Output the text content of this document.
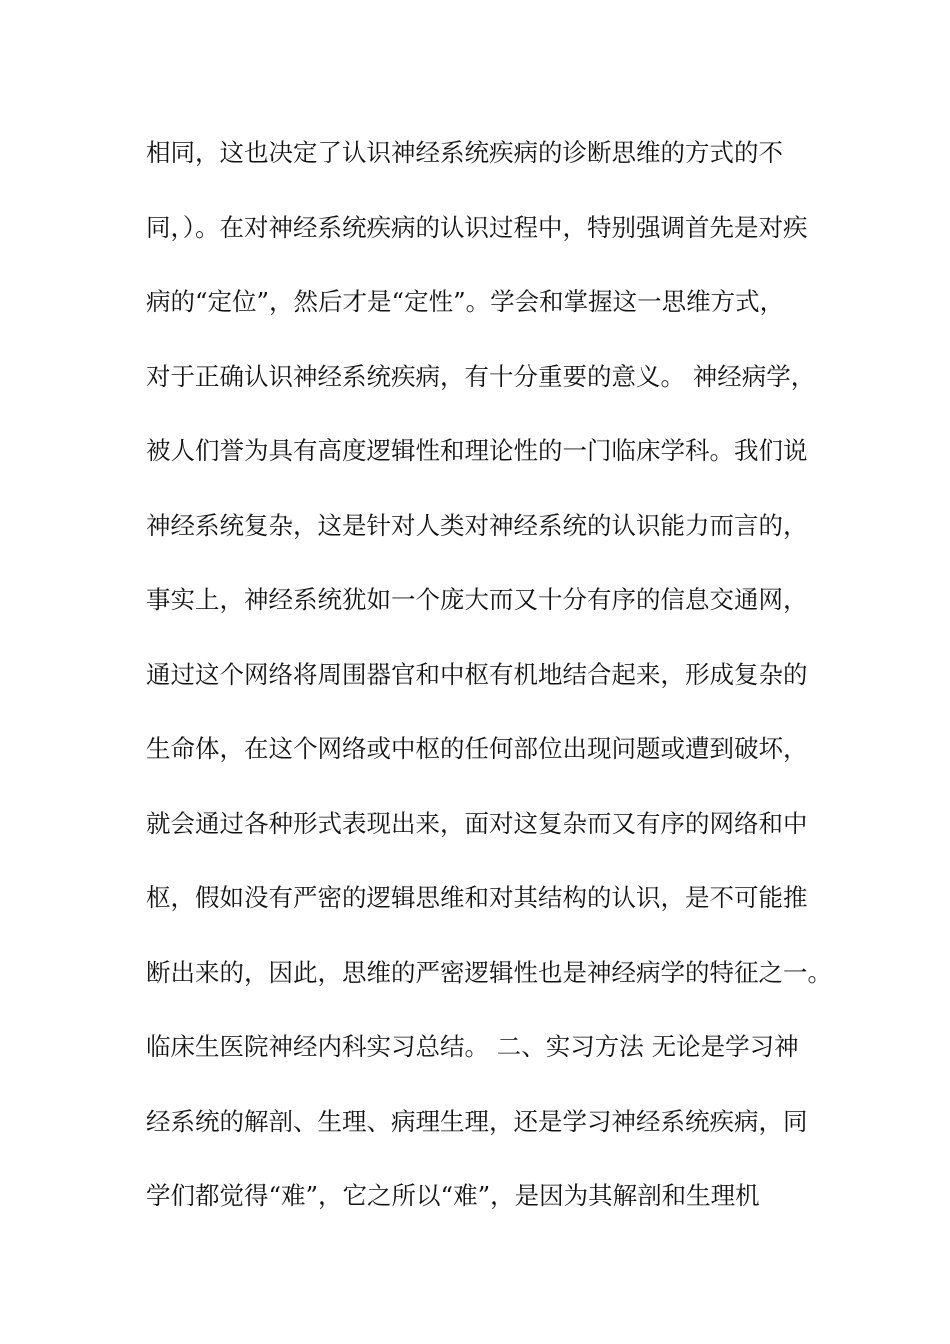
相同，这也决定了认识神经系统疾病的诊断思维的方式的不
同，）。在对神经系统疾病的认识过程中，特别强调首先是对疾
病的“定位”，然后才是“定性”。学会和掌握这一思维方式，
对于正确认识神经系统疾病，有十分重要的意义。 神经病学，
被人们誉为具有高度逻辑性和理论性的一门临床学科。我们说
神经系统复杂，这是针对人类对神经系统的认识能力而言的，
事实上，神经系统犹如一个庞大而又十分有序的信息交通网，
通过这个网络将周围器官和中枢有机地结合起来，形成复杂的
生命体，在这个网络或中枢的任何部位出现问题或遭到破坏，
就会通过各种形式表现出来，面对这复杂而又有序的网络和中
枢，假如没有严密的逻辑思维和对其结构的认识，是不可能推
断出来的，因此，思维的严密逻辑性也是神经病学的特征之一。
临床生医院神经内科实习总结。 二、实习方法 无论是学习神
经系统的解剖、生理、病理生理，还是学习神经系统疾病，同
学们都觉得“难”，它之所以“难”，是因为其解剖和生理机
